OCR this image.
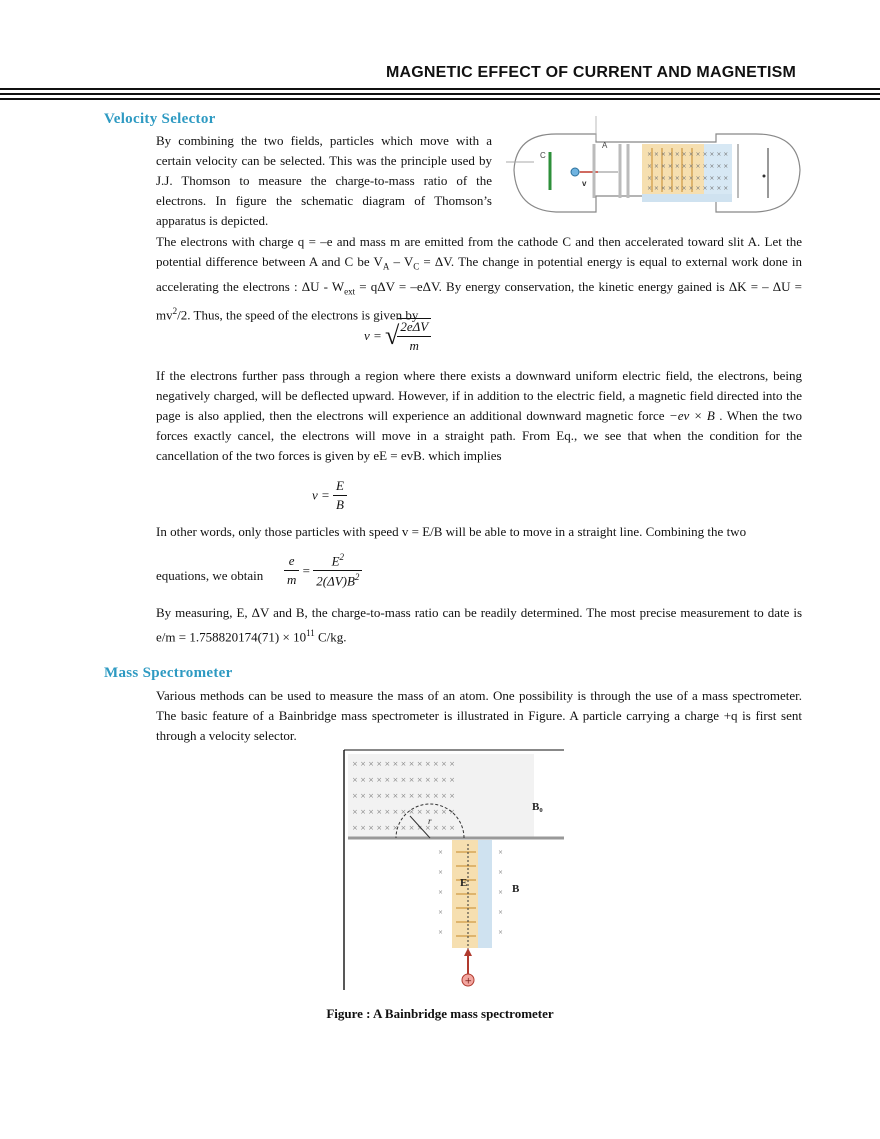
MAGNETIC EFFECT OF CURRENT AND MAGNETISM
Velocity Selector
By combining the two fields, particles which move with a certain velocity can be selected. This was the principle used by J.J. Thomson to measure the charge-to-mass ratio of the electrons. In figure the schematic diagram of Thomson’s apparatus is depicted.
× × × × × × × × × × × ×
× × × × × × × × × × × ×
× × × × × × × × × × × ×
× × × × × × × × × × × ×
C
A
v
The electrons with charge q = –e and mass m are emitted from the cathode C and then accelerated toward slit A. Let the potential difference between A and C be $V_A - V_C = \Delta V$. The change in potential energy is equal to external work done in accelerating the electrons : $\Delta U - W_{ext} = q\Delta V = -e\Delta V$. By energy conservation, the kinetic energy gained is ΔK = – $\Delta U = mv^2/2$. Thus, the speed of the electrons is given by
v = √
$\frac{\text{2eΔV}}{m}$
If the electrons further pass through a region where there exists a downward uniform electric field, the electrons, being negatively charged, will be deflected upward. However, if in addition to the electric field, a magnetic field directed into the page is also applied, then the electrons will experience an additional downward magnetic force −ev × B . When the two forces exactly cancel, the electrons will move in a straight path. From Eq., we see that when the condition for the cancellation of the two forces is given by eE = evB. which implies
$v = \frac{E}{B}$
In other words, only those particles with speed v = E/B will be able to move in a straight line. Combining the two
equations, we obtain $\frac{e}{m} = \frac{E^2}{2(\Delta V)B^2}$
By measuring, E, ΔV and B, the charge-to-mass ratio can be readily determined. The most precise measurement to date is $e/m = 1.758820174(71) \times 10^{11}$ C/kg.
Mass Spectrometer
Various methods can be used to measure the mass of an atom. One possibility is through the use of a mass spectrometer. The basic feature of a Bainbridge mass spectrometer is illustrated in Figure. A particle carrying a charge +q is first sent through a velocity selector.
× × × × × × × × × × × × ×
× × × × × × × × × × × × ×
× × × × × × × × × × × × ×
× × × × × × × × × × × × ×
× × × × × × × × × × × × ×
r
B₀
×
×
×
×
×
×
×
×
×
×
E	B
+
Figure : A Bainbridge mass spectrometer
